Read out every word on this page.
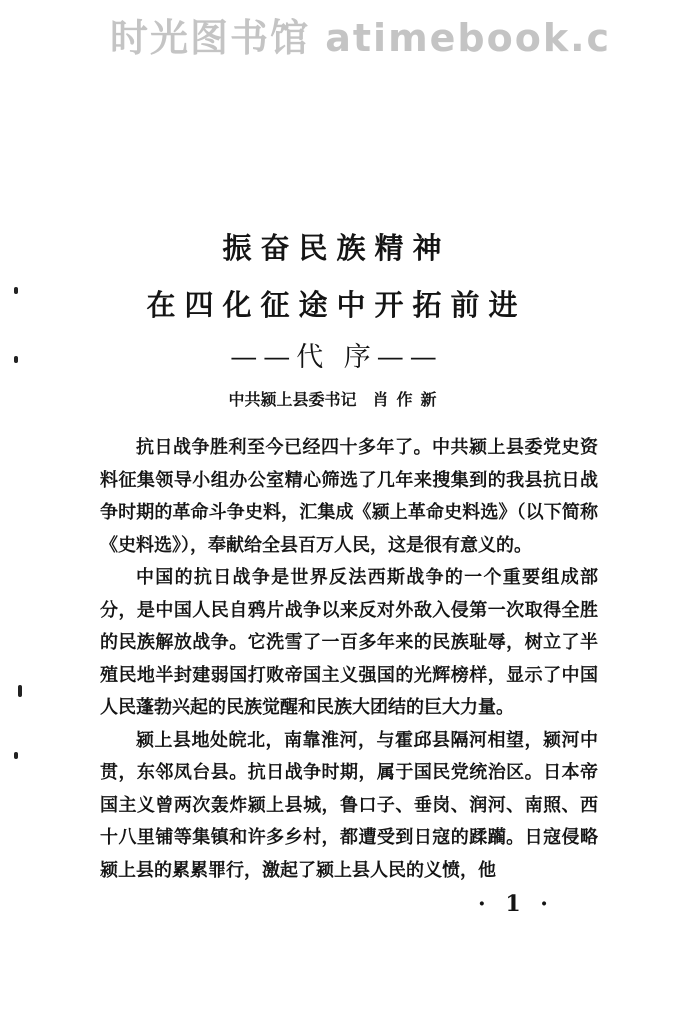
时光图书馆 atimebook.c
振奋民族精神
在四化征途中开拓前进
——代 序——
中共颍上县委书记 肖作新

抗日战争胜利至今已经四十多年了。中共颍上县委党史资料征集领导小组办公室精心筛选了几年来搜集到的我县抗日战争时期的革命斗争史料，汇集成《颍上革命史料选》（以下简称《史料选》），奉献给全县百万人民，这是很有意义的。

中国的抗日战争是世界反法西斯战争的一个重要组成部分，是中国人民自鸦片战争以来反对外敌入侵第一次取得全胜的民族解放战争。它洗雪了一百多年来的民族耻辱，树立了半殖民地半封建弱国打败帝国主义强国的光辉榜样，显示了中国人民蓬勃兴起的民族觉醒和民族大团结的巨大力量。

颍上县地处皖北，南靠淮河，与霍邱县隔河相望，颍河中贯，东邻凤台县。抗日战争时期，属于国民党统治区。日本帝国主义曾两次轰炸颍上县城，鲁口子、垂岗、润河、南照、西十八里铺等集镇和许多乡村，都遭受到日寇的蹂躏。日寇侵略颍上县的累累罪行，激起了颍上县人民的义愤，他

· 1 ·
